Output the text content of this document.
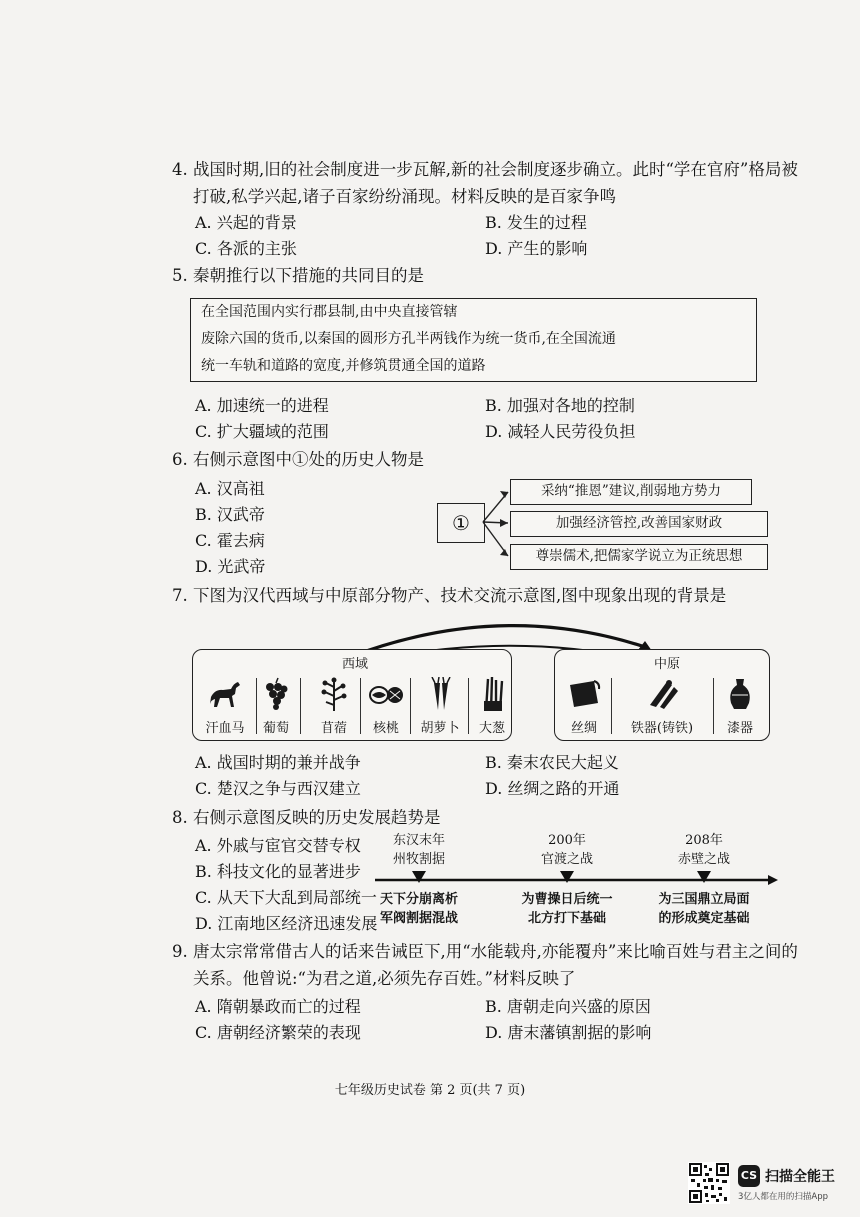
4. 战国时期,旧的社会制度进一步瓦解,新的社会制度逐步确立。此时“学在官府”格局被
打破,私学兴起,诸子百家纷纷涌现。材料反映的是百家争鸣
A. 兴起的背景	B. 发生的过程
C. 各派的主张	D. 产生的影响
5. 秦朝推行以下措施的共同目的是
在全国范围内实行郡县制,由中央直接管辖
废除六国的货币,以秦国的圆形方孔半两钱作为统一货币,在全国流通
统一车轨和道路的宽度,并修筑贯通全国的道路
A. 加速统一的进程	B. 加强对各地的控制
C. 扩大疆域的范围	D. 减轻人民劳役负担
6. 右侧示意图中①处的历史人物是
A. 汉高祖
B. 汉武帝
C. 霍去病
D. 光武帝
①
采纳“推恩”建议,削弱地方势力
加强经济管控,改善国家财政
尊崇儒术,把儒家学说立为正统思想
7. 下图为汉代西域与中原部分物产、技术交流示意图,图中现象出现的背景是
西域
汗血马	葡萄	苜蓿	核桃	胡萝卜	大葱
中原
丝绸	铁器(铸铁)	漆器
A. 战国时期的兼并战争	B. 秦末农民大起义
C. 楚汉之争与西汉建立	D. 丝绸之路的开通
8. 右侧示意图反映的历史发展趋势是
A. 外戚与宦官交替专权
B. 科技文化的显著进步
C. 从天下大乱到局部统一
D. 江南地区经济迅速发展
东汉末年
州牧割据
天下分崩离析
军阀割据混战
200年
官渡之战
为曹操日后统一
北方打下基础
208年
赤壁之战
为三国鼎立局面
的形成奠定基础
9. 唐太宗常常借古人的话来告诫臣下,用“水能载舟,亦能覆舟”来比喻百姓与君主之间的
关系。他曾说:“为君之道,必须先存百姓。”材料反映了
A. 隋朝暴政而亡的过程	B. 唐朝走向兴盛的原因
C. 唐朝经济繁荣的表现	D. 唐末藩镇割据的影响
七年级历史试卷 第 2 页(共 7 页)
CS 扫描全能王
3亿人都在用的扫描App
